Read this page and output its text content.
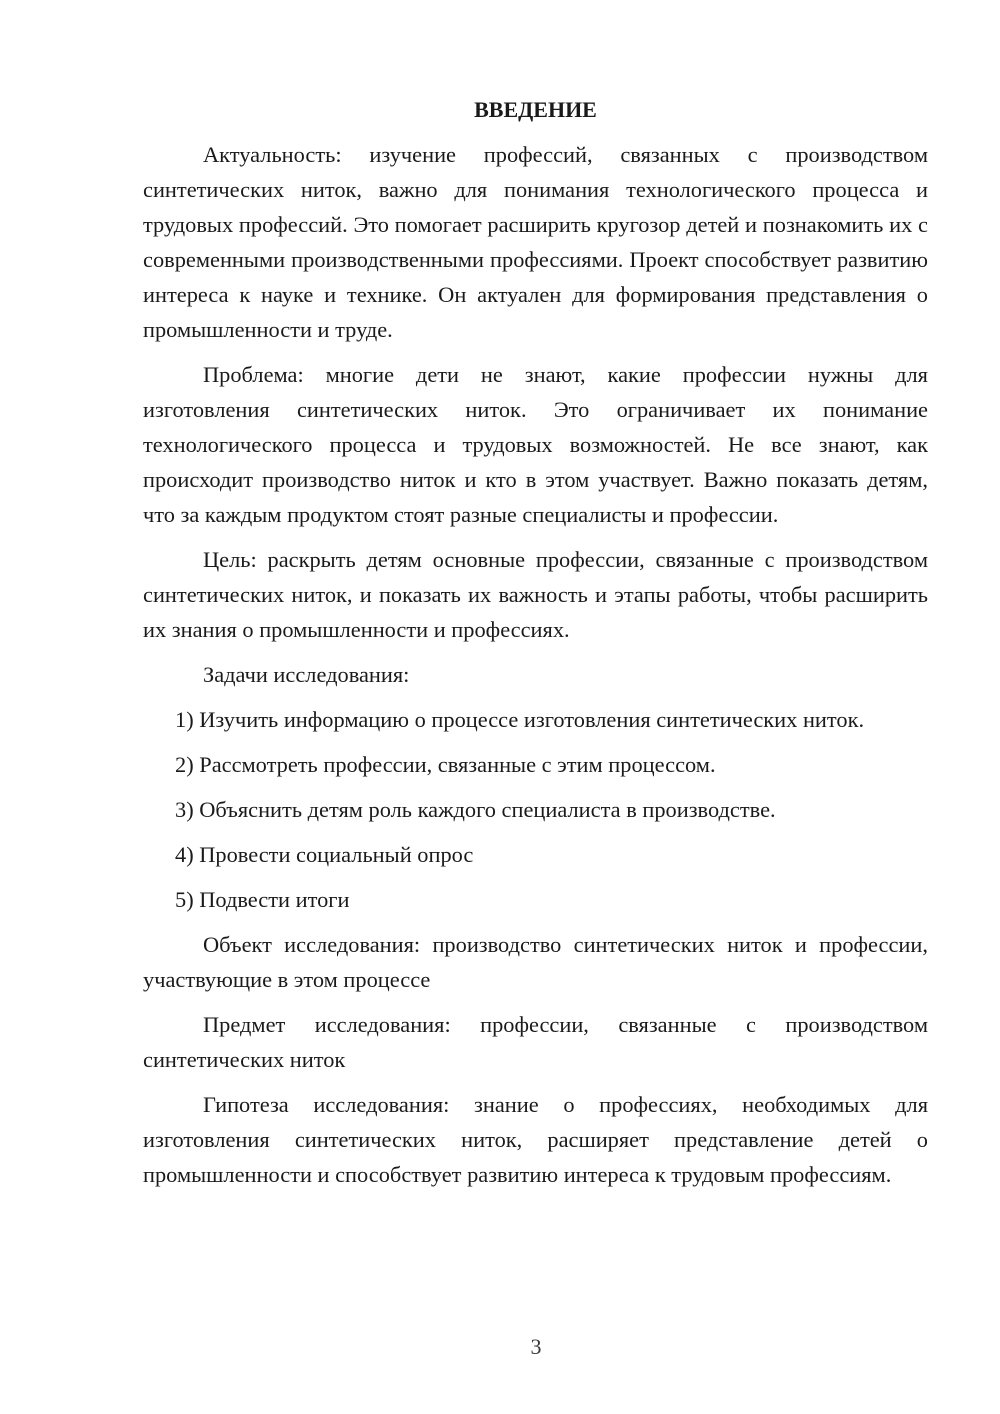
ВВЕДЕНИЕ

Актуальность: изучение профессий, связанных с производством синтетических ниток, важно для понимания технологического процесса и трудовых профессий. Это помогает расширить кругозор детей и познакомить их с современными производственными профессиями. Проект способствует развитию интереса к науке и технике. Он актуален для формирования представления о промышленности и труде.

Проблема: многие дети не знают, какие профессии нужны для изготовления синтетических ниток. Это ограничивает их понимание технологического процесса и трудовых возможностей. Не все знают, как происходит производство ниток и кто в этом участвует. Важно показать детям, что за каждым продуктом стоят разные специалисты и профессии.

Цель: раскрыть детям основные профессии, связанные с производством синтетических ниток, и показать их важность и этапы работы, чтобы расширить их знания о промышленности и профессиях.

Задачи исследования:

1) Изучить информацию о процессе изготовления синтетических ниток.

2) Рассмотреть профессии, связанные с этим процессом.

3) Объяснить детям роль каждого специалиста в производстве.

4) Провести социальный опрос

5) Подвести итоги

Объект исследования: производство синтетических ниток и профессии, участвующие в этом процессе

Предмет исследования: профессии, связанные с производством синтетических ниток

Гипотеза исследования: знание о профессиях, необходимых для изготовления синтетических ниток, расширяет представление детей о промышленности и способствует развитию интереса к трудовым профессиям.

3
